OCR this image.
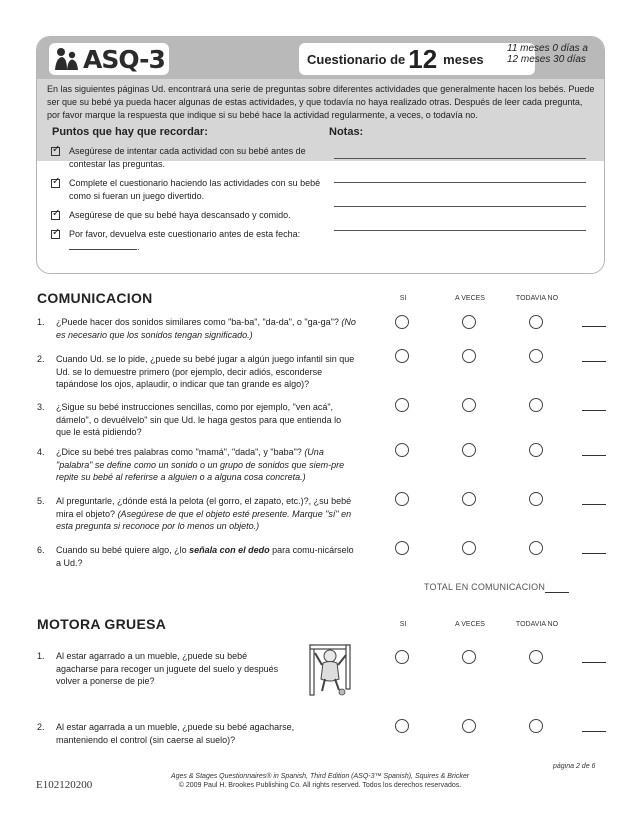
ASQ-3	Cuestionario de 12 meses
11 meses 0 días a
12 meses 30 días
En las siguientes páginas Ud. encontrará una serie de preguntas sobre diferentes actividades que generalmente hacen los bebés. Puede ser que su bebé ya pueda hacer algunas de estas actividades, y que todavía no haya realizado otras. Después de leer cada pregunta, por favor marque la respuesta que indique si su bebé hace la actividad regularmente, a veces, o todavía no.
Puntos que hay que recordar:	Notas:
✓
Asegúrese de intentar cada actividad con su bebé antes de contestar las preguntas.
✓
Complete el cuestionario haciendo las actividades con su bebé como si fueran un juego divertido.
✓
Asegúrese de que su bebé haya descansado y comido.
✓
Por favor, devuelva este cuestionario antes de esta fecha:
.
COMUNICACION	SI	A VECES	TODAVIA NO
1.	¿Puede hacer dos sonidos similares como "ba-ba", "da-da", o "ga-ga"? (No es necesario que los sonidos tengan significado.)
2.	Cuando Ud. se lo pide, ¿puede su bebé jugar a algún juego infantil sin que Ud. se lo demuestre primero (por ejemplo, decir adiós, esconderse tapándose los ojos, aplaudir, o indicar que tan grande es algo)?
3.	¿Sigue su bebé instrucciones sencillas, como por ejemplo, "ven acá", dámelo", o devuélvelo" sin que Ud. le haga gestos para que entienda lo que le está pidiendo?
4.	¿Dice su bebé tres palabras como "mamá", "dada", y "baba"? (Una "palabra" se define como un sonido o un grupo de sonidos que siem-pre repite su bebé al referirse a alguien o a alguna cosa concreta.)
5.	Al preguntarle, ¿dónde está la pelota (el gorro, el zapato, etc.)?, ¿su bebé mira el objeto? (Asegúrese de que el objeto esté presente. Marque "sí" en esta pregunta si reconoce por lo menos un objeto.)
6.	Cuando su bebé quiere algo, ¿lo señala con el dedo para comu-nicárselo a Ud.?
TOTAL EN COMUNICACION
MOTORA GRUESA	SI	A VECES	TODAVIA NO
1.	Al estar agarrado a un mueble, ¿puede su bebé agacharse para recoger un juguete del suelo y después volver a ponerse de pie?
2.	Al estar agarrada a un mueble, ¿puede su bebé agacharse, manteniendo el control (sin caerse al suelo)?
página 2 de 6
E102120200
Ages & Stages Questionnaires® in Spanish, Third Edition (ASQ-3™ Spanish), Squires & Bricker
© 2009 Paul H. Brookes Publishing Co. All rights reserved. Todos los derechos reservados.
